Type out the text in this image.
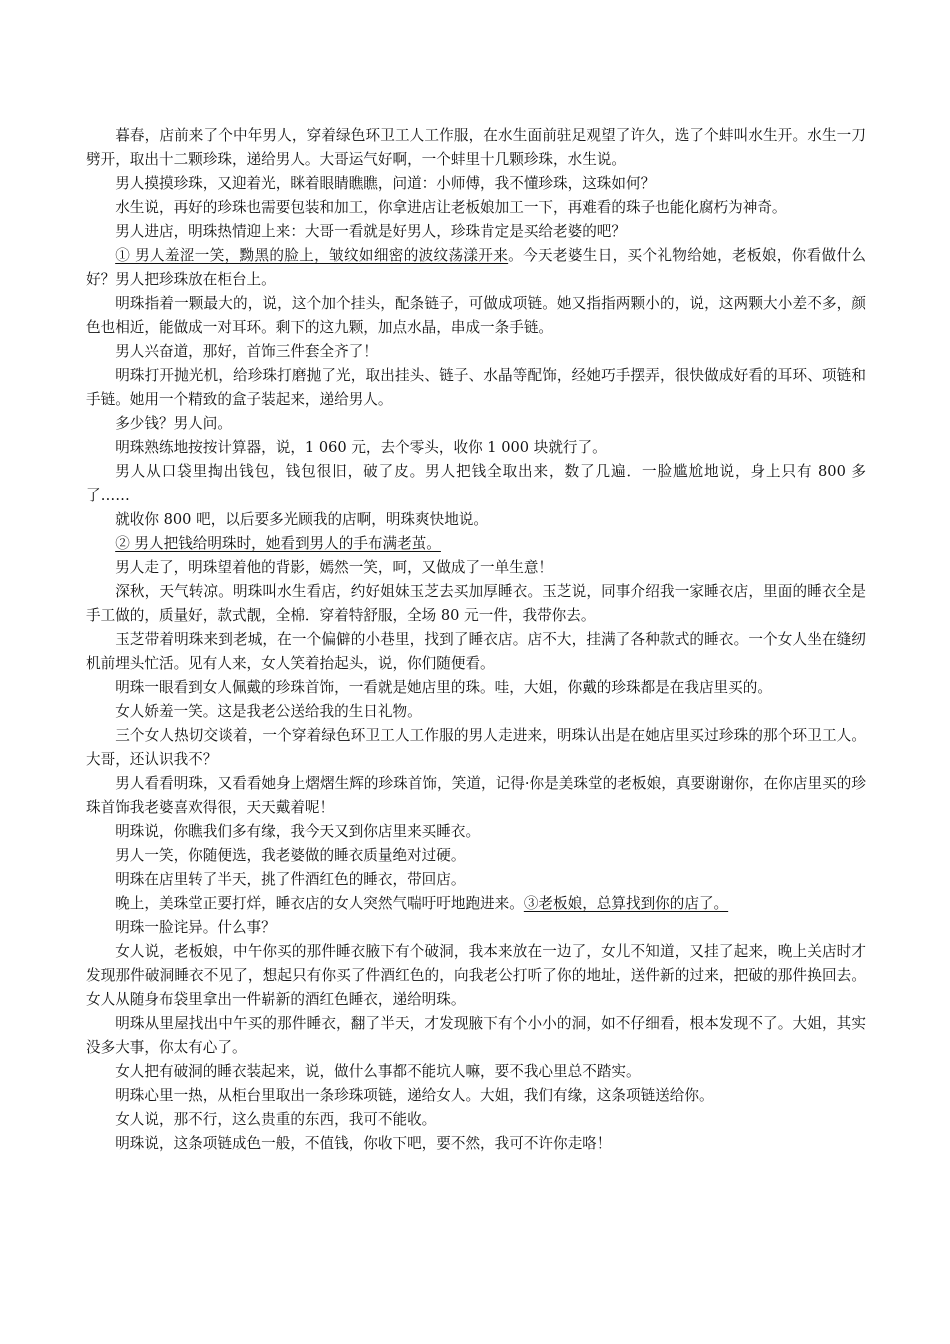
暮春，店前来了个中年男人，穿着绿色环卫工人工作服，在水生面前驻足观望了许久，选了个蚌叫水生开。水生一刀劈开，取出十二颗珍珠，递给男人。大哥运气好啊，一个蚌里十几颗珍珠，水生说。

男人摸摸珍珠，又迎着光，眯着眼睛瞧瞧，问道：小师傅，我不懂珍珠，这珠如何？

水生说，再好的珍珠也需要包装和加工，你拿进店让老板娘加工一下，再难看的珠子也能化腐朽为神奇。

男人进店，明珠热情迎上来：大哥一看就是好男人，珍珠肯定是买给老婆的吧？

① 男人羞涩一笑，黝黑的脸上，皱纹如细密的波纹荡漾开来。今天老婆生日，买个礼物给她，老板娘，你看做什么好？男人把珍珠放在柜台上。

明珠指着一颗最大的，说，这个加个挂头，配条链子，可做成项链。她又指指两颗小的，说，这两颗大小差不多，颜色也相近，能做成一对耳环。剩下的这九颗，加点水晶，串成一条手链。

男人兴奋道，那好，首饰三件套全齐了！

明珠打开抛光机，给珍珠打磨抛了光，取出挂头、链子、水晶等配饰，经她巧手摆弄，很快做成好看的耳环、项链和手链。她用一个精致的盒子装起来，递给男人。

多少钱？男人问。

明珠熟练地按按计算器，说，1 060 元，去个零头，收你 1 000 块就行了。

男人从口袋里掏出钱包，钱包很旧，破了皮。男人把钱全取出来，数了几遍．一脸尴尬地说，身上只有 800 多了……

就收你 800 吧，以后要多光顾我的店啊，明珠爽快地说。

② 男人把钱给明珠时，她看到男人的手布满老茧。

男人走了，明珠望着他的背影，嫣然一笑，呵，又做成了一单生意！

深秋，天气转凉。明珠叫水生看店，约好姐妹玉芝去买加厚睡衣。玉芝说，同事介绍我一家睡衣店，里面的睡衣全是手工做的，质量好，款式靓，全棉．穿着特舒服，全场 80 元一件，我带你去。

玉芝带着明珠来到老城，在一个偏僻的小巷里，找到了睡衣店。店不大，挂满了各种款式的睡衣。一个女人坐在缝纫机前埋头忙活。见有人来，女人笑着抬起头，说，你们随便看。

明珠一眼看到女人佩戴的珍珠首饰，一看就是她店里的珠。哇，大姐，你戴的珍珠都是在我店里买的。

女人娇羞一笑。这是我老公送给我的生日礼物。

三个女人热切交谈着，一个穿着绿色环卫工人工作服的男人走进来，明珠认出是在她店里买过珍珠的那个环卫工人。大哥，还认识我不？

男人看看明珠，又看看她身上熠熠生辉的珍珠首饰，笑道，记得·你是美珠堂的老板娘，真要谢谢你，在你店里买的珍珠首饰我老婆喜欢得很，天天戴着呢！

明珠说，你瞧我们多有缘，我今天又到你店里来买睡衣。

男人一笑，你随便选，我老婆做的睡衣质量绝对过硬。

明珠在店里转了半天，挑了件酒红色的睡衣，带回店。

晚上，美珠堂正要打烊，睡衣店的女人突然气喘吁吁地跑进来。③老板娘，总算找到你的店了。

明珠一脸诧异。什么事？

女人说，老板娘，中午你买的那件睡衣腋下有个破洞，我本来放在一边了，女儿不知道，又挂了起来，晚上关店时才发现那件破洞睡衣不见了，想起只有你买了件酒红色的，向我老公打听了你的地址，送件新的过来，把破的那件换回去。女人从随身布袋里拿出一件崭新的酒红色睡衣，递给明珠。

明珠从里屋找出中午买的那件睡衣，翻了半天，才发现腋下有个小小的洞，如不仔细看，根本发现不了。大姐，其实没多大事，你太有心了。

女人把有破洞的睡衣装起来，说，做什么事都不能坑人嘛，要不我心里总不踏实。

明珠心里一热，从柜台里取出一条珍珠项链，递给女人。大姐，我们有缘，这条项链送给你。

女人说，那不行，这么贵重的东西，我可不能收。

明珠说，这条项链成色一般，不值钱，你收下吧，要不然，我可不许你走咯！
